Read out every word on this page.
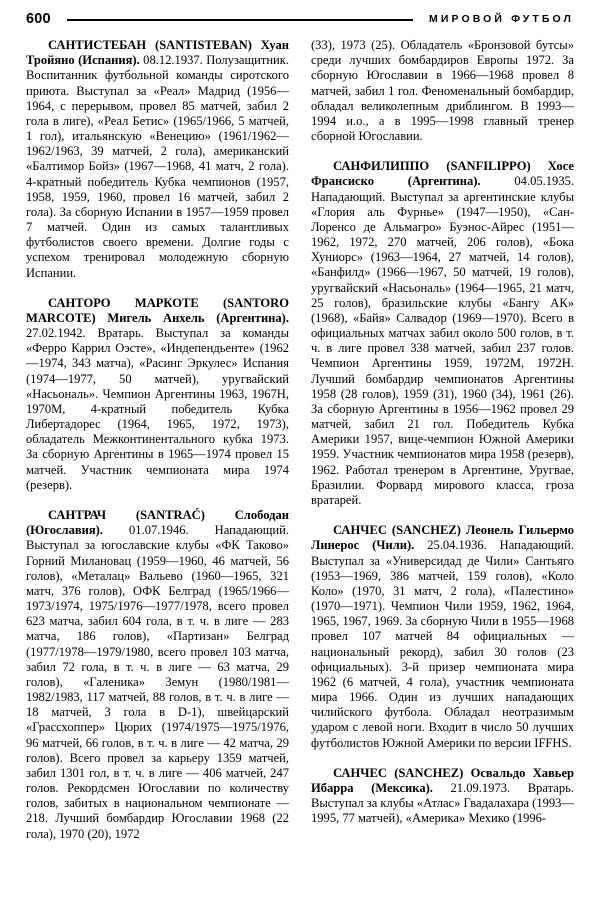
600	МИРОВОЙ ФУТБОЛ

САНТИСТЕБАН (SANTISTEBAN) Хуан Тройяно (Испания). 08.12.1937. Полузащитник. Воспитанник футбольной команды сиротского приюта. Выступал за «Реал» Мадрид (1956—1964, с перерывом, провел 85 матчей, забил 2 гола в лиге), «Реал Бетис» (1965/1966, 5 матчей, 1 гол), итальянскую «Венецию» (1961/1962—1962/1963, 39 матчей, 2 гола), американский «Балтимор Бойз» (1967—1968, 41 матч, 2 гола). 4-кратный победитель Кубка чемпионов (1957, 1958, 1959, 1960, провел 16 матчей, забил 2 гола). За сборную Испании в 1957—1959 провел 7 матчей. Один из самых талантливых футболистов своего времени. Долгие годы с успехом тренировал молодежную сборную Испании.

САНТОРО МАРКОТЕ (SANTORO MARCOTE) Мигель Анхель (Аргентина). 27.02.1942. Вратарь. Выступал за команды «Ферро Каррил Оэсте», «Индепендьенте» (1962—1974, 343 матча), «Расинг Эркулес» Испания (1974—1977, 50 матчей), уругвайский «Насьональ». Чемпион Аргентины 1963, 1967Н, 1970М, 4-кратный победитель Кубка Либертадорес (1964, 1965, 1972, 1973), обладатель Межконтинентального кубка 1973. За сборную Аргентины в 1965—1974 провел 15 матчей. Участник чемпионата мира 1974 (резерв).

САНТРАЧ (SANTRAĆ) Слободан (Югославия). 01.07.1946. Нападающий. Выступал за югославские клубы «ФК Таково» Горний Милановац (1959—1960, 46 матчей, 56 голов), «Металац» Вальево (1960—1965, 321 матч, 376 голов), ОФК Белград (1965/1966—1973/1974, 1975/1976—1977/1978, всего провел 623 матча, забил 604 гола, в т. ч. в лиге — 283 матча, 186 голов), «Партизан» Белград (1977/1978—1979/1980, всего провел 103 матча, забил 72 гола, в т. ч. в лиге — 63 матча, 29 голов), «Галеника» Земун (1980/1981—1982/1983, 117 матчей, 88 голов, в т. ч. в лиге — 18 матчей, 3 гола в D-1), швейцарский «Грассхоппер» Цюрих (1974/1975—1975/1976, 96 матчей, 66 голов, в т. ч. в лиге — 42 матча, 29 голов). Всего провел за карьеру 1359 матчей, забил 1301 гол, в т. ч. в лиге — 406 матчей, 247 голов. Рекордсмен Югославии по количеству голов, забитых в национальном чемпионате — 218. Лучший бомбардир Югославии 1968 (22 гола), 1970 (20), 1972

(33), 1973 (25). Обладатель «Бронзовой бутсы» среди лучших бомбардиров Европы 1972. За сборную Югославии в 1966—1968 провел 8 матчей, забил 1 гол. Феноменальный бомбардир, обладал великолепным дриблингом. В 1993—1994 и.о., а в 1995—1998 главный тренер сборной Югославии.

САНФИЛИППО (SANFILIPPO) Хосе Франсиско (Аргентина). 04.05.1935. Нападающий. Выступал за аргентинские клубы «Глория аль Фурнье» (1947—1950), «Сан-Лоренсо де Альмагро» Буэнос-Айрес (1951—1962, 1972, 270 матчей, 206 голов), «Бока Хуниорс» (1963—1964, 27 матчей, 14 голов), «Банфилд» (1966—1967, 50 матчей, 19 голов), уругвайский «Насьональ» (1964—1965, 21 матч, 25 голов), бразильские клубы «Бангу АК» (1968), «Байя» Салвадор (1969—1970). Всего в официальных матчах забил около 500 голов, в т. ч. в лиге провел 338 матчей, забил 237 голов. Чемпион Аргентины 1959, 1972М, 1972Н. Лучший бомбардир чемпионатов Аргентины 1958 (28 голов), 1959 (31), 1960 (34), 1961 (26). За сборную Аргентины в 1956—1962 провел 29 матчей, забил 21 гол. Победитель Кубка Америки 1957, вице-чемпион Южной Америки 1959. Участник чемпионатов мира 1958 (резерв), 1962. Работал тренером в Аргентине, Уругвае, Бразилии. Форвард мирового класса, гроза вратарей.

САНЧЕС (SANCHEZ) Леонель Гильермо Линерос (Чили). 25.04.1936. Нападающий. Выступал за «Универсидад де Чили» Сантьяго (1953—1969, 386 матчей, 159 голов), «Коло Коло» (1970, 31 матч, 2 гола), «Палестино» (1970—1971). Чемпион Чили 1959, 1962, 1964, 1965, 1967, 1969. За сборную Чили в 1955—1968 провел 107 матчей 84 официальных — национальный рекорд), забил 30 голов (23 официальных). 3-й призер чемпионата мира 1962 (6 матчей, 4 гола), участник чемпионата мира 1966. Один из лучших нападающих чилийского футбола. Обладал неотразимым ударом с левой ноги. Входит в число 50 лучших футболистов Южной Америки по версии IFFHS.

САНЧЕС (SANCHEZ) Освальдо Хавьер Ибарра (Мексика). 21.09.1973. Вратарь. Выступал за клубы «Атлас» Гвадалахара (1993—1995, 77 матчей), «Америка» Мехико (1996-
